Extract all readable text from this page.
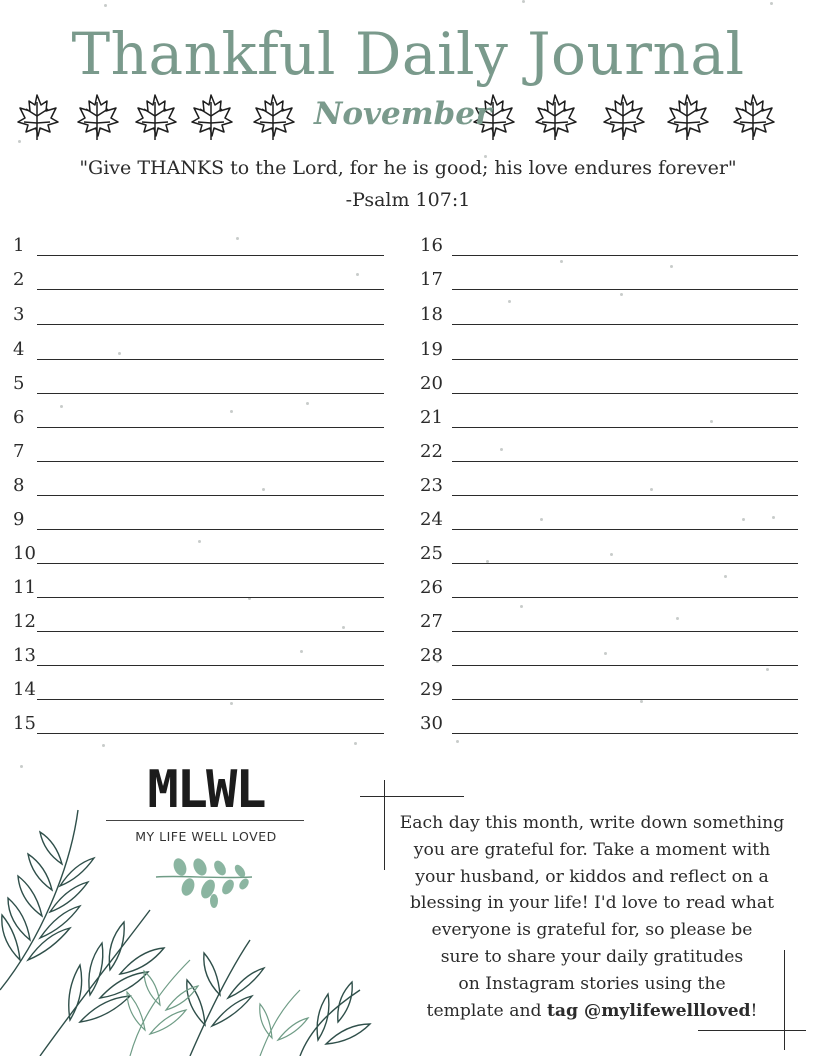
Thankful Daily Journal
November
"Give THANKS to the Lord, for he is good; his love endures forever"
-Psalm 107:1
1
2
3
4
5
6
7
8
9
10
11
12
13
14
15
16
17
18
19
20
21
22
23
24
25
26
27
28
29
30
MLWL
MY LIFE WELL LOVED
Each day this month, write down something
you are grateful for. Take a moment with
your husband, or kiddos and reflect on a
blessing in your life! I'd love to read what
everyone is grateful for, so please be
sure to share your daily gratitudes
on Instagram stories using the
template and tag @mylifewellloved!
